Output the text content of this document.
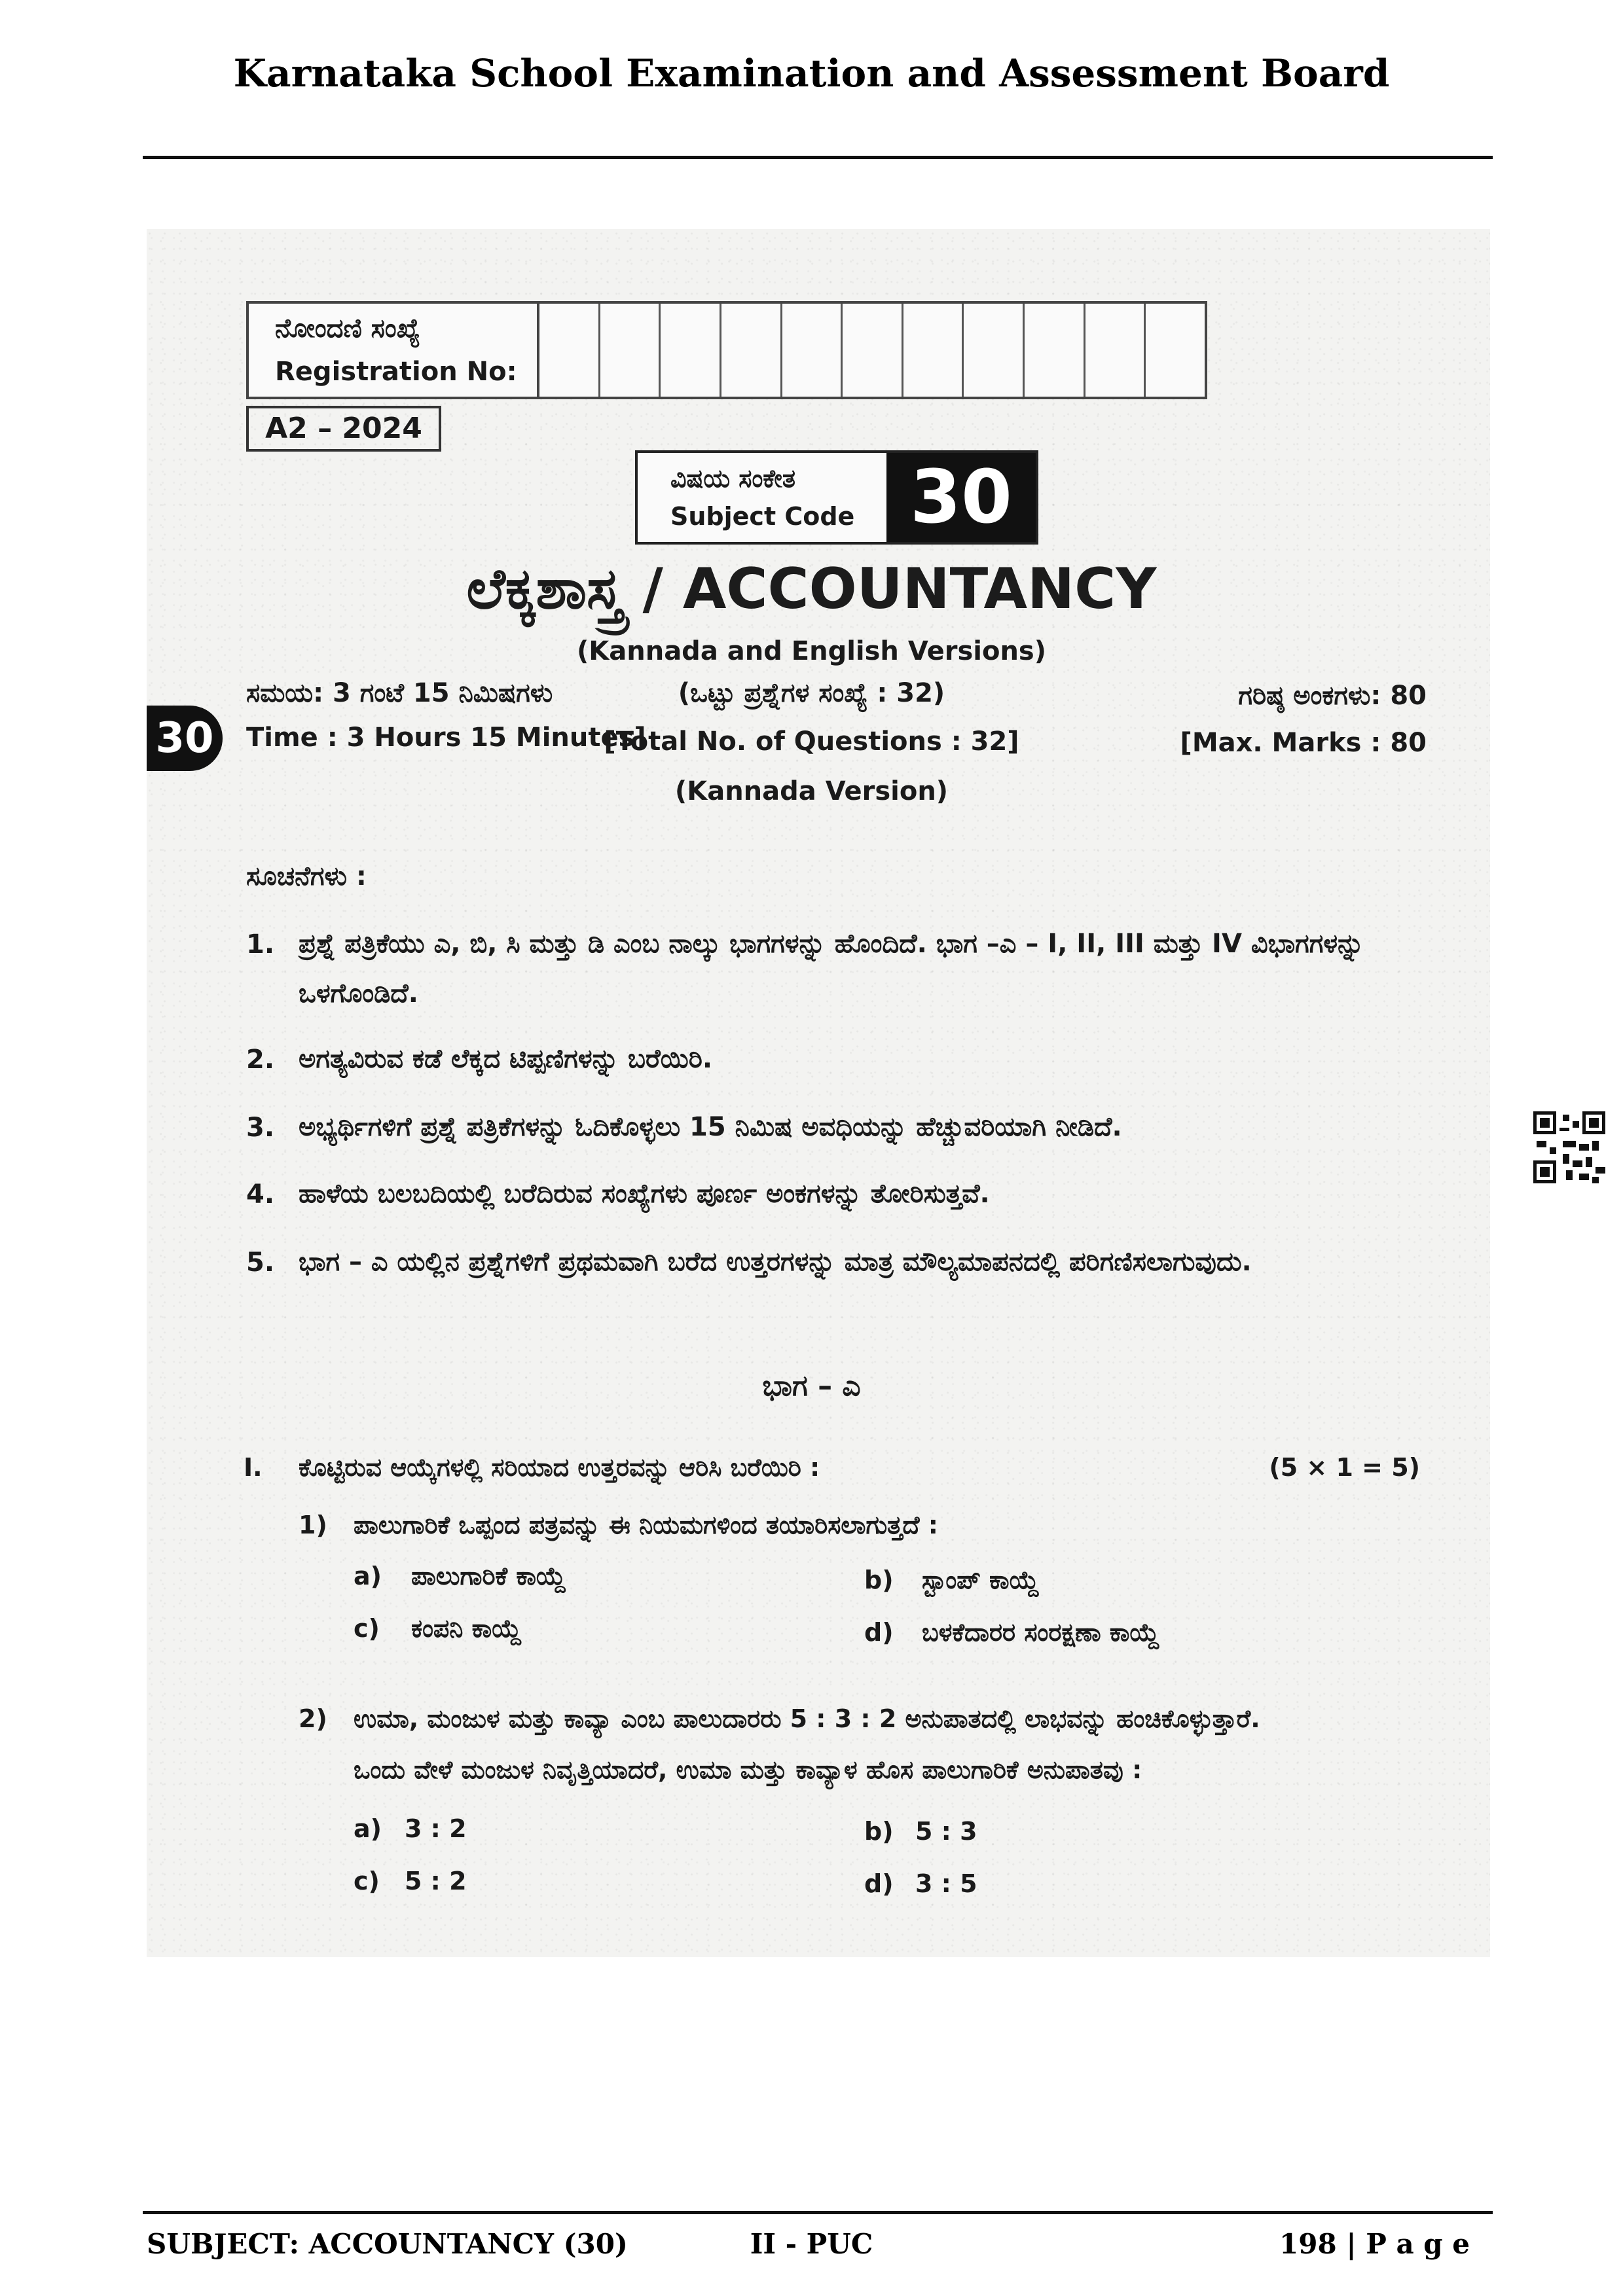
Karnataka School Examination and Assessment Board
ನೋಂದಣಿ ಸಂಖ್ಯೆ
Registration No:
A2 – 2024
ವಿಷಯ ಸಂಕೇತ
Subject Code 30
ಲೆಕ್ಕಶಾಸ್ತ್ರ / ACCOUNTANCY
(Kannada and English Versions)
ಸಮಯ: 3 ಗಂಟೆ 15 ನಿಮಿಷಗಳು
Time : 3 Hours 15 Minutes]
(ಒಟ್ಟು ಪ್ರಶ್ನೆಗಳ ಸಂಖ್ಯೆ : 32)
[Total No. of Questions : 32]
ಗರಿಷ್ಠ ಅಂಕಗಳು: 80
[Max. Marks : 80
(Kannada Version)
30
ಸೂಚನೆಗಳು :
1. ಪ್ರಶ್ನೆ ಪತ್ರಿಕೆಯು ಎ, ಬಿ, ಸಿ ಮತ್ತು ಡಿ ಎಂಬ ನಾಲ್ಕು ಭಾಗಗಳನ್ನು ಹೊಂದಿದೆ. ಭಾಗ –ಎ – I, II, III ಮತ್ತು IV ವಿಭಾಗಗಳನ್ನು ಒಳಗೊಂಡಿದೆ.
2. ಅಗತ್ಯವಿರುವ ಕಡೆ ಲೆಕ್ಕದ ಟಿಪ್ಪಣಿಗಳನ್ನು ಬರೆಯಿರಿ.
3. ಅಭ್ಯರ್ಥಿಗಳಿಗೆ ಪ್ರಶ್ನೆ ಪತ್ರಿಕೆಗಳನ್ನು ಓದಿಕೊಳ್ಳಲು 15 ನಿಮಿಷ ಅವಧಿಯನ್ನು ಹೆಚ್ಚುವರಿಯಾಗಿ ನೀಡಿದೆ.
4. ಹಾಳೆಯ ಬಲಬದಿಯಲ್ಲಿ ಬರೆದಿರುವ ಸಂಖ್ಯೆಗಳು ಪೂರ್ಣ ಅಂಕಗಳನ್ನು ತೋರಿಸುತ್ತವೆ.
5. ಭಾಗ – ಎ ಯಲ್ಲಿನ ಪ್ರಶ್ನೆಗಳಿಗೆ ಪ್ರಥಮವಾಗಿ ಬರೆದ ಉತ್ತರಗಳನ್ನು ಮಾತ್ರ ಮೌಲ್ಯಮಾಪನದಲ್ಲಿ ಪರಿಗಣಿಸಲಾಗುವುದು.
ಭಾಗ – ಎ
I. ಕೊಟ್ಟಿರುವ ಆಯ್ಕೆಗಳಲ್ಲಿ ಸರಿಯಾದ ಉತ್ತರವನ್ನು ಆರಿಸಿ ಬರೆಯಿರಿ :	(5 × 1 = 5)
1) ಪಾಲುಗಾರಿಕೆ ಒಪ್ಪಂದ ಪತ್ರವನ್ನು ಈ ನಿಯಮಗಳಿಂದ ತಯಾರಿಸಲಾಗುತ್ತದೆ :
a) ಪಾಲುಗಾರಿಕೆ ಕಾಯ್ದೆ	b) ಸ್ಟಾಂಪ್ ಕಾಯ್ದೆ
c) ಕಂಪನಿ ಕಾಯ್ದೆ	d) ಬಳಕೆದಾರರ ಸಂರಕ್ಷಣಾ ಕಾಯ್ದೆ
2) ಉಮಾ, ಮಂಜುಳ ಮತ್ತು ಕಾವ್ಯಾ ಎಂಬ ಪಾಲುದಾರರು 5 : 3 : 2 ಅನುಪಾತದಲ್ಲಿ ಲಾಭವನ್ನು ಹಂಚಿಕೊಳ್ಳುತ್ತಾರೆ.
ಒಂದು ವೇಳೆ ಮಂಜುಳ ನಿವೃತ್ತಿಯಾದರೆ, ಉಮಾ ಮತ್ತು ಕಾವ್ಯಾಳ ಹೊಸ ಪಾಲುಗಾರಿಕೆ ಅನುಪಾತವು :
a) 3 : 2	b) 5 : 3
c) 5 : 2	d) 3 : 5
SUBJECT: ACCOUNTANCY (30)	II - PUC	198 | P a g e
